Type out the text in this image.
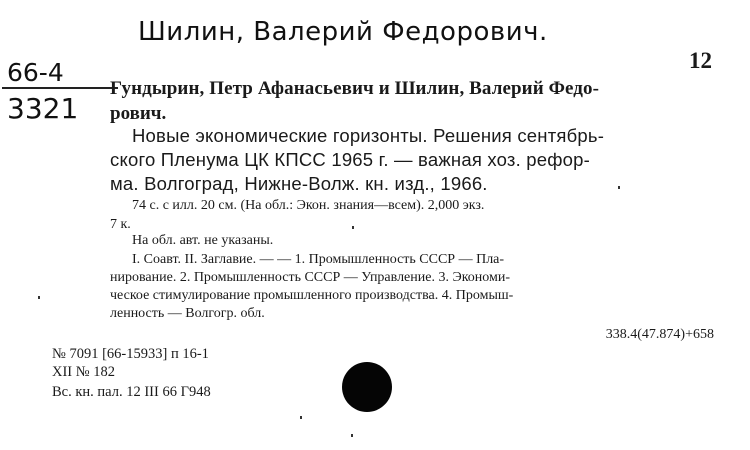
Шилин, Валерий Федорович.
66-4
3321
12
Гундырин, Петр Афанасьевич и Шилин, Валерий Федо-
рович.
Новые экономические горизонты. Решения сентябрь-
ского Пленума ЦК КПСС 1965 г. — важная хоз. рефор-
ма. Волгоград, Нижне-Волж. кн. изд., 1966.
74 с. с илл. 20 см. (На обл.: Экон. знания—всем). 2,000 экз.
7 к.
На обл. авт. не указаны.
I. Соавт. II. Заглавие. — — 1. Промышленность СССР — Пла-
нирование. 2. Промышленность СССР — Управление. 3. Экономи-
ческое стимулирование промышленного производства. 4. Промыш-
ленность — Волгогр. обл.
338.4(47.874)+658
№ 7091 [66-15933] п 16-1
XII № 182
Вс. кн. пал. 12 III 66 Г948
